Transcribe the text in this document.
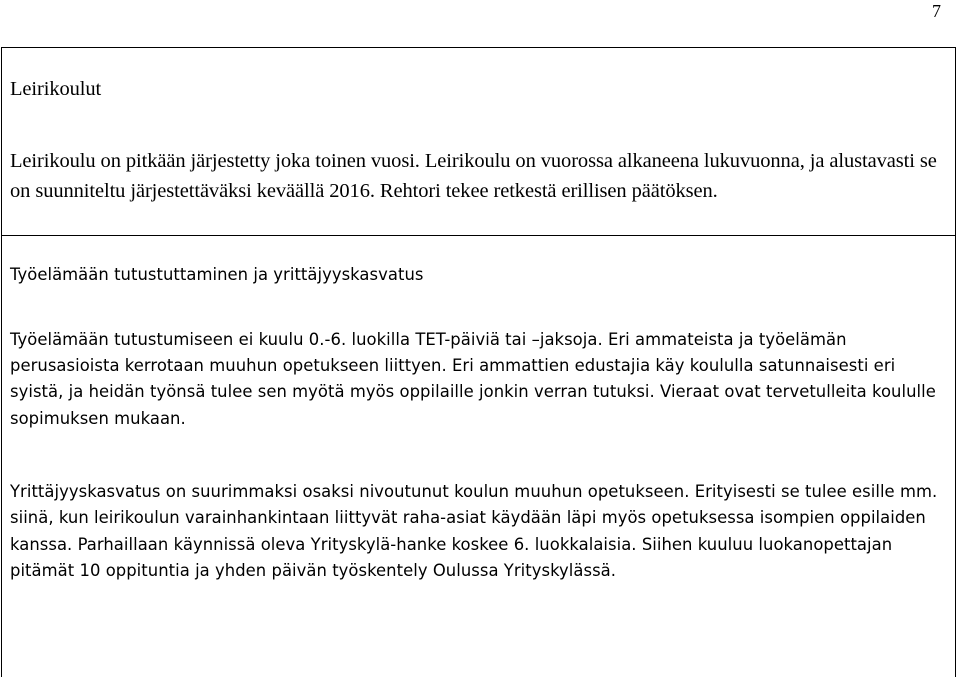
7

Leirikoulut

Leirikoulu on pitkään järjestetty joka toinen vuosi. Leirikoulu on vuorossa alkaneena lukuvuonna, ja alustavasti se on suunniteltu järjestettäväksi keväällä 2016. Rehtori tekee retkestä erillisen päätöksen.

Työelämään tutustuttaminen ja yrittäjyyskasvatus

Työelämään tutustumiseen ei kuulu 0.-6. luokilla TET-päiviä tai –jaksoja. Eri ammateista ja työelämän perusasioista kerrotaan muuhun opetukseen liittyen. Eri ammattien edustajia käy koululla satunnaisesti eri syistä, ja heidän työnsä tulee sen myötä myös oppilaille jonkin verran tutuksi. Vieraat ovat tervetulleita koululle sopimuksen mukaan.

Yrittäjyyskasvatus on suurimmaksi osaksi nivoutunut koulun muuhun opetukseen. Erityisesti se tulee esille mm. siinä, kun leirikoulun varainhankintaan liittyvät raha-asiat käydään läpi myös opetuksessa isompien oppilaiden kanssa. Parhaillaan käynnissä oleva Yrityskylä-hanke koskee 6. luokkalaisia. Siihen kuuluu luokanopettajan pitämät 10 oppituntia ja yhden päivän työskentely Oulussa Yrityskylässä.
